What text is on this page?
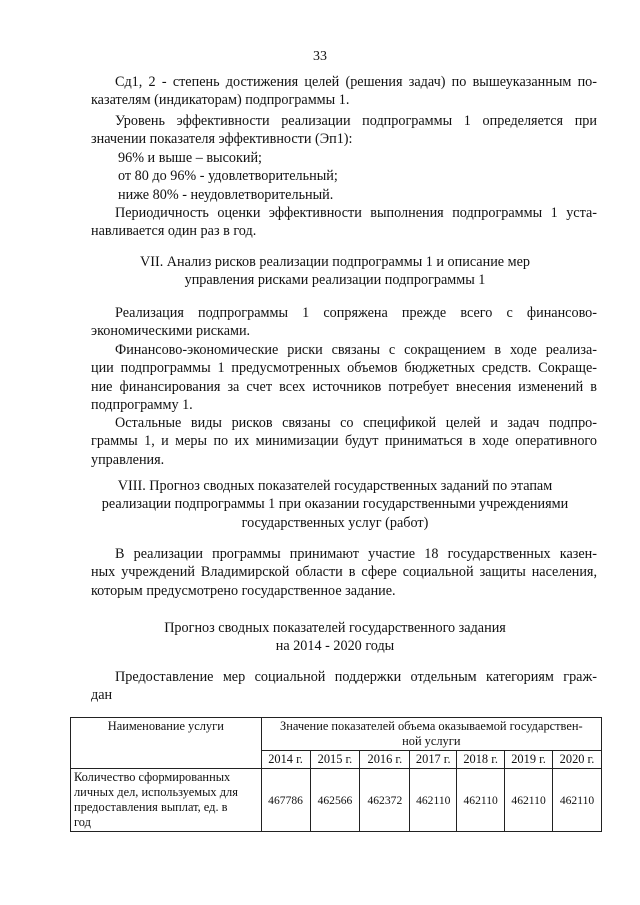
33
Сд1, 2 - степень достижения целей (решения задач) по вышеуказанным по-
казателям (индикаторам) подпрограммы 1.
Уровень эффективности реализации подпрограммы 1 определяется при
значении показателя эффективности (Эп1):
96% и выше – высокий;
от 80 до 96% - удовлетворительный;
ниже 80% - неудовлетворительный.
Периодичность оценки эффективности выполнения подпрограммы 1 уста-
навливается один раз в год.
VII. Анализ рисков реализации подпрограммы 1 и описание мер
управления рисками реализации подпрограммы 1
Реализация подпрограммы 1 сопряжена прежде всего с финансово-
экономическими рисками.
Финансово-экономические риски связаны с сокращением в ходе реализа-
ции подпрограммы 1 предусмотренных объемов бюджетных средств. Сокраще-
ние финансирования за счет всех источников потребует внесения изменений в
подпрограмму 1.
Остальные виды рисков связаны со спецификой целей и задач подпро-
граммы 1, и меры по их минимизации будут приниматься в ходе оперативного
управления.
VIII. Прогноз сводных показателей государственных заданий по этапам
реализации подпрограммы 1 при оказании государственными учреждениями
государственных услуг (работ)
В реализации программы принимают участие 18 государственных казен-
ных учреждений Владимирской области в сфере социальной защиты населения,
которым предусмотрено государственное задание.
Прогноз сводных показателей государственного задания
на 2014 - 2020 годы
Предоставление мер социальной поддержки отдельным категориям граж-
дан
Наименование услуги	Значение показателей объема оказываемой государствен-
ной услуги						

	2014 г.	2015 г.	2016 г.	2017 г.	2018 г.	2019 г.	2020 г.

Количество сформированных
личных дел, используемых для
предоставления выплат, ед. в
год	467786	462566	462372	462110	462110	462110	462110
